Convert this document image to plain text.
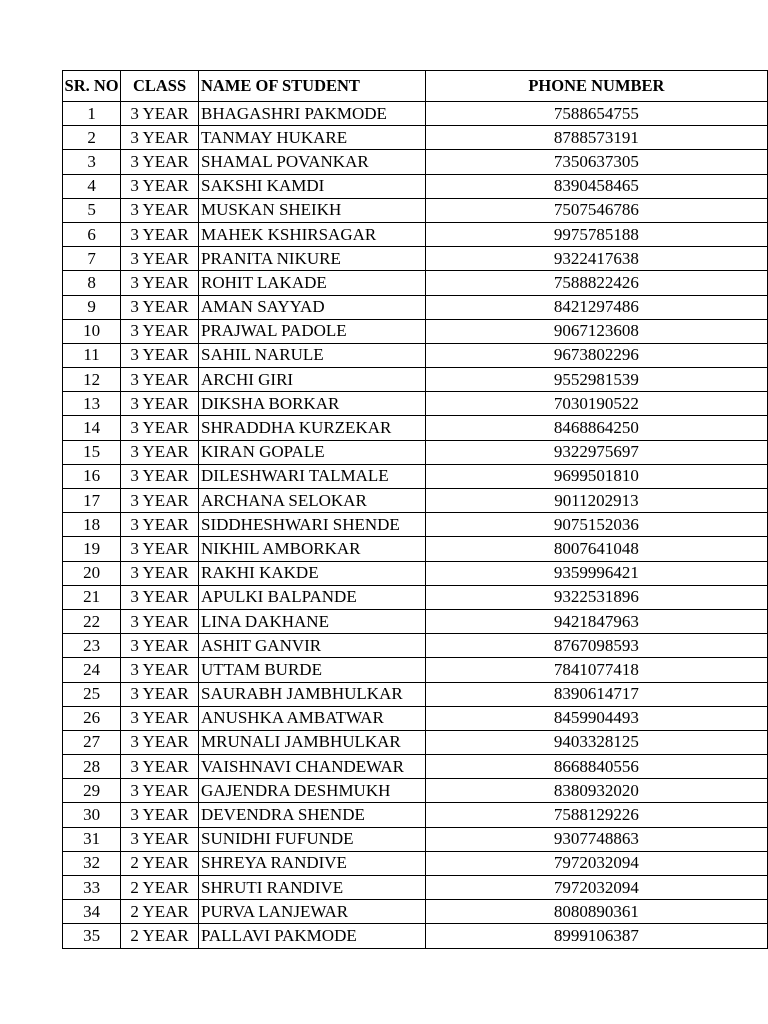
SR. NO	CLASS	NAME OF STUDENT	PHONE NUMBER
1	3 YEAR	BHAGASHRI PAKMODE	7588654755
2	3 YEAR	TANMAY HUKARE	8788573191
3	3 YEAR	SHAMAL POVANKAR	7350637305
4	3 YEAR	SAKSHI KAMDI	8390458465
5	3 YEAR	MUSKAN SHEIKH	7507546786
6	3 YEAR	MAHEK KSHIRSAGAR	9975785188
7	3 YEAR	PRANITA NIKURE	9322417638
8	3 YEAR	ROHIT LAKADE	7588822426
9	3 YEAR	AMAN SAYYAD	8421297486
10	3 YEAR	PRAJWAL PADOLE	9067123608
11	3 YEAR	SAHIL NARULE	9673802296
12	3 YEAR	ARCHI GIRI	9552981539
13	3 YEAR	DIKSHA BORKAR	7030190522
14	3 YEAR	SHRADDHA KURZEKAR	8468864250
15	3 YEAR	KIRAN GOPALE	9322975697
16	3 YEAR	DILESHWARI TALMALE	9699501810
17	3 YEAR	ARCHANA SELOKAR	9011202913
18	3 YEAR	SIDDHESHWARI SHENDE	9075152036
19	3 YEAR	NIKHIL AMBORKAR	8007641048
20	3 YEAR	RAKHI KAKDE	9359996421
21	3 YEAR	APULKI BALPANDE	9322531896
22	3 YEAR	LINA DAKHANE	9421847963
23	3 YEAR	ASHIT GANVIR	8767098593
24	3 YEAR	UTTAM BURDE	7841077418
25	3 YEAR	SAURABH JAMBHULKAR	8390614717
26	3 YEAR	ANUSHKA AMBATWAR	8459904493
27	3 YEAR	MRUNALI JAMBHULKAR	9403328125
28	3 YEAR	VAISHNAVI CHANDEWAR	8668840556
29	3 YEAR	GAJENDRA DESHMUKH	8380932020
30	3 YEAR	DEVENDRA SHENDE	7588129226
31	3 YEAR	SUNIDHI FUFUNDE	9307748863
32	2 YEAR	SHREYA RANDIVE	7972032094
33	2 YEAR	SHRUTI RANDIVE	7972032094
34	2 YEAR	PURVA LANJEWAR	8080890361
35	2 YEAR	PALLAVI PAKMODE	8999106387
